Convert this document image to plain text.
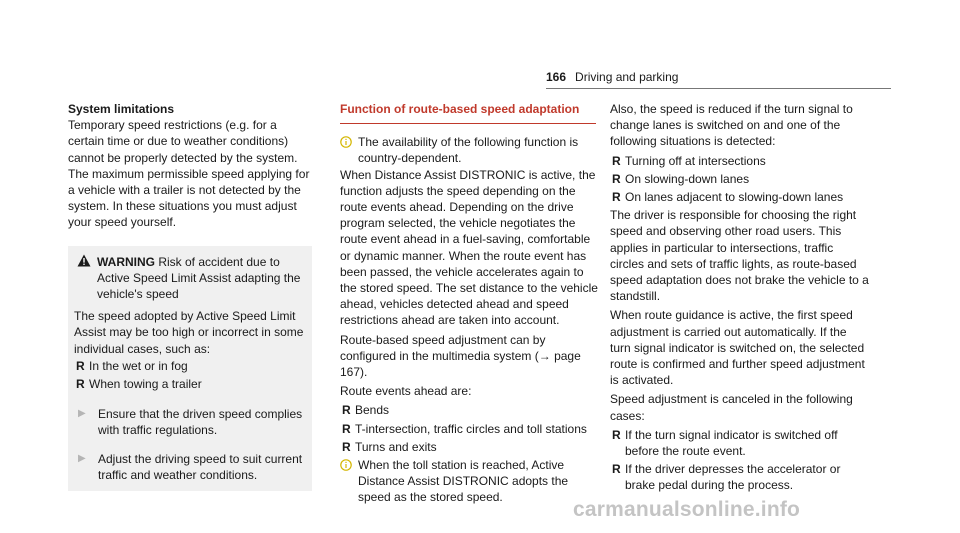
166 Driving and parking
System limitations

Temporary speed restrictions (e.g. for a certain time or due to weather conditions) cannot be properly detected by the system. The maximum permissible speed applying for a vehicle with a trailer is not detected by the system. In these situations you must adjust your speed yourself.

WARNING Risk of accident due to Active Speed Limit Assist adapting the vehicle's speed

The speed adopted by Active Speed Limit Assist may be too high or incorrect in some individual cases, such as:

R In the wet or in fog
R When towing a trailer
▶	Ensure that the driven speed complies with traffic regulations.
▶	Adjust the driving speed to suit current traffic and weather conditions.
Function of route-based speed adaptation
The availability of the following function is country-dependent.

When Distance Assist DISTRONIC is active, the function adjusts the speed depending on the route events ahead. Depending on the drive program selected, the vehicle negotiates the route event ahead in a fuel-saving, comfortable or dynamic manner. When the route event has been passed, the vehicle accelerates again to the stored speed. The set distance to the vehicle ahead, vehicles detected ahead and speed restrictions ahead are taken into account.

Route-based speed adjustment can by configured in the multimedia system (→ page 167).

Route events ahead are:

R Bends
R T-intersection, traffic circles and toll stations
R Turns and exits
When the toll station is reached, Active Distance Assist DISTRONIC adopts the speed as the stored speed.

Also, the speed is reduced if the turn signal to change lanes is switched on and one of the following situations is detected:

R Turning off at intersections
R On slowing-down lanes
R On lanes adjacent to slowing-down lanes

The driver is responsible for choosing the right speed and observing other road users. This applies in particular to intersections, traffic circles and sets of traffic lights, as route-based speed adaptation does not brake the vehicle to a standstill.

When route guidance is active, the first speed adjustment is carried out automatically. If the turn signal indicator is switched on, the selected route is confirmed and further speed adjustment is activated.

Speed adjustment is canceled in the following cases:

R If the turn signal indicator is switched off before the route event.
R If the driver depresses the accelerator or brake pedal during the process.
carmanualsonline.info
